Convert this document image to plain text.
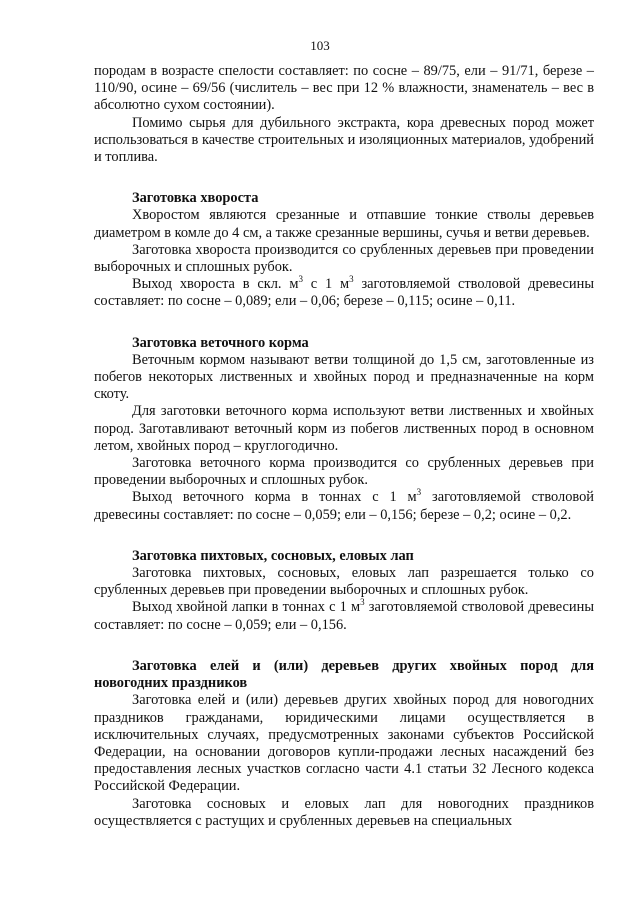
103

породам в возрасте спелости составляет: по сосне – 89/75, ели – 91/71, березе – 110/90, осине – 69/56 (числитель – вес при 12 % влажности, знаменатель – вес в абсолютно сухом состоянии).

Помимо сырья для дубильного экстракта, кора древесных пород может использоваться в качестве строительных и изоляционных материалов, удобрений и топлива.

Заготовка хвороста

Хворостом являются срезанные и отпавшие тонкие стволы деревьев диаметром в комле до 4 см, а также срезанные вершины, сучья и ветви деревьев.

Заготовка хвороста производится со срубленных деревьев при проведении выборочных и сплошных рубок.

Выход хвороста в скл. $м^3$ с 1 $м^3$ заготовляемой стволовой древесины составляет: по сосне – 0,089; ели – 0,06; березе – 0,115; осине – 0,11.

Заготовка веточного корма

Веточным кормом называют ветви толщиной до 1,5 см, заготовленные из побегов некоторых лиственных и хвойных пород и предназначенные на корм скоту.

Для заготовки веточного корма используют ветви лиственных и хвойных пород. Заготавливают веточный корм из побегов лиственных пород в основном летом, хвойных пород – круглогодично.

Заготовка веточного корма производится со срубленных деревьев при проведении выборочных и сплошных рубок.

Выход веточного корма в тоннах с 1 $м^3$ заготовляемой стволовой древесины составляет: по сосне – 0,059; ели – 0,156; березе – 0,2; осине – 0,2.

Заготовка пихтовых, сосновых, еловых лап

Заготовка пихтовых, сосновых, еловых лап разрешается только со срубленных деревьев при проведении выборочных и сплошных рубок.

Выход хвойной лапки в тоннах с 1 $м^3$ заготовляемой стволовой древесины составляет: по сосне – 0,059; ели – 0,156.

Заготовка елей и (или) деревьев других хвойных пород для новогодних праздников

Заготовка елей и (или) деревьев других хвойных пород для новогодних праздников гражданами, юридическими лицами осуществляется в исключительных случаях, предусмотренных законами субъектов Российской Федерации, на основании договоров купли-продажи лесных насаждений без предоставления лесных участков согласно части 4.1 статьи 32 Лесного кодекса Российской Федерации.

Заготовка сосновых и еловых лап для новогодних праздников осуществляется с растущих и срубленных деревьев на специальных
